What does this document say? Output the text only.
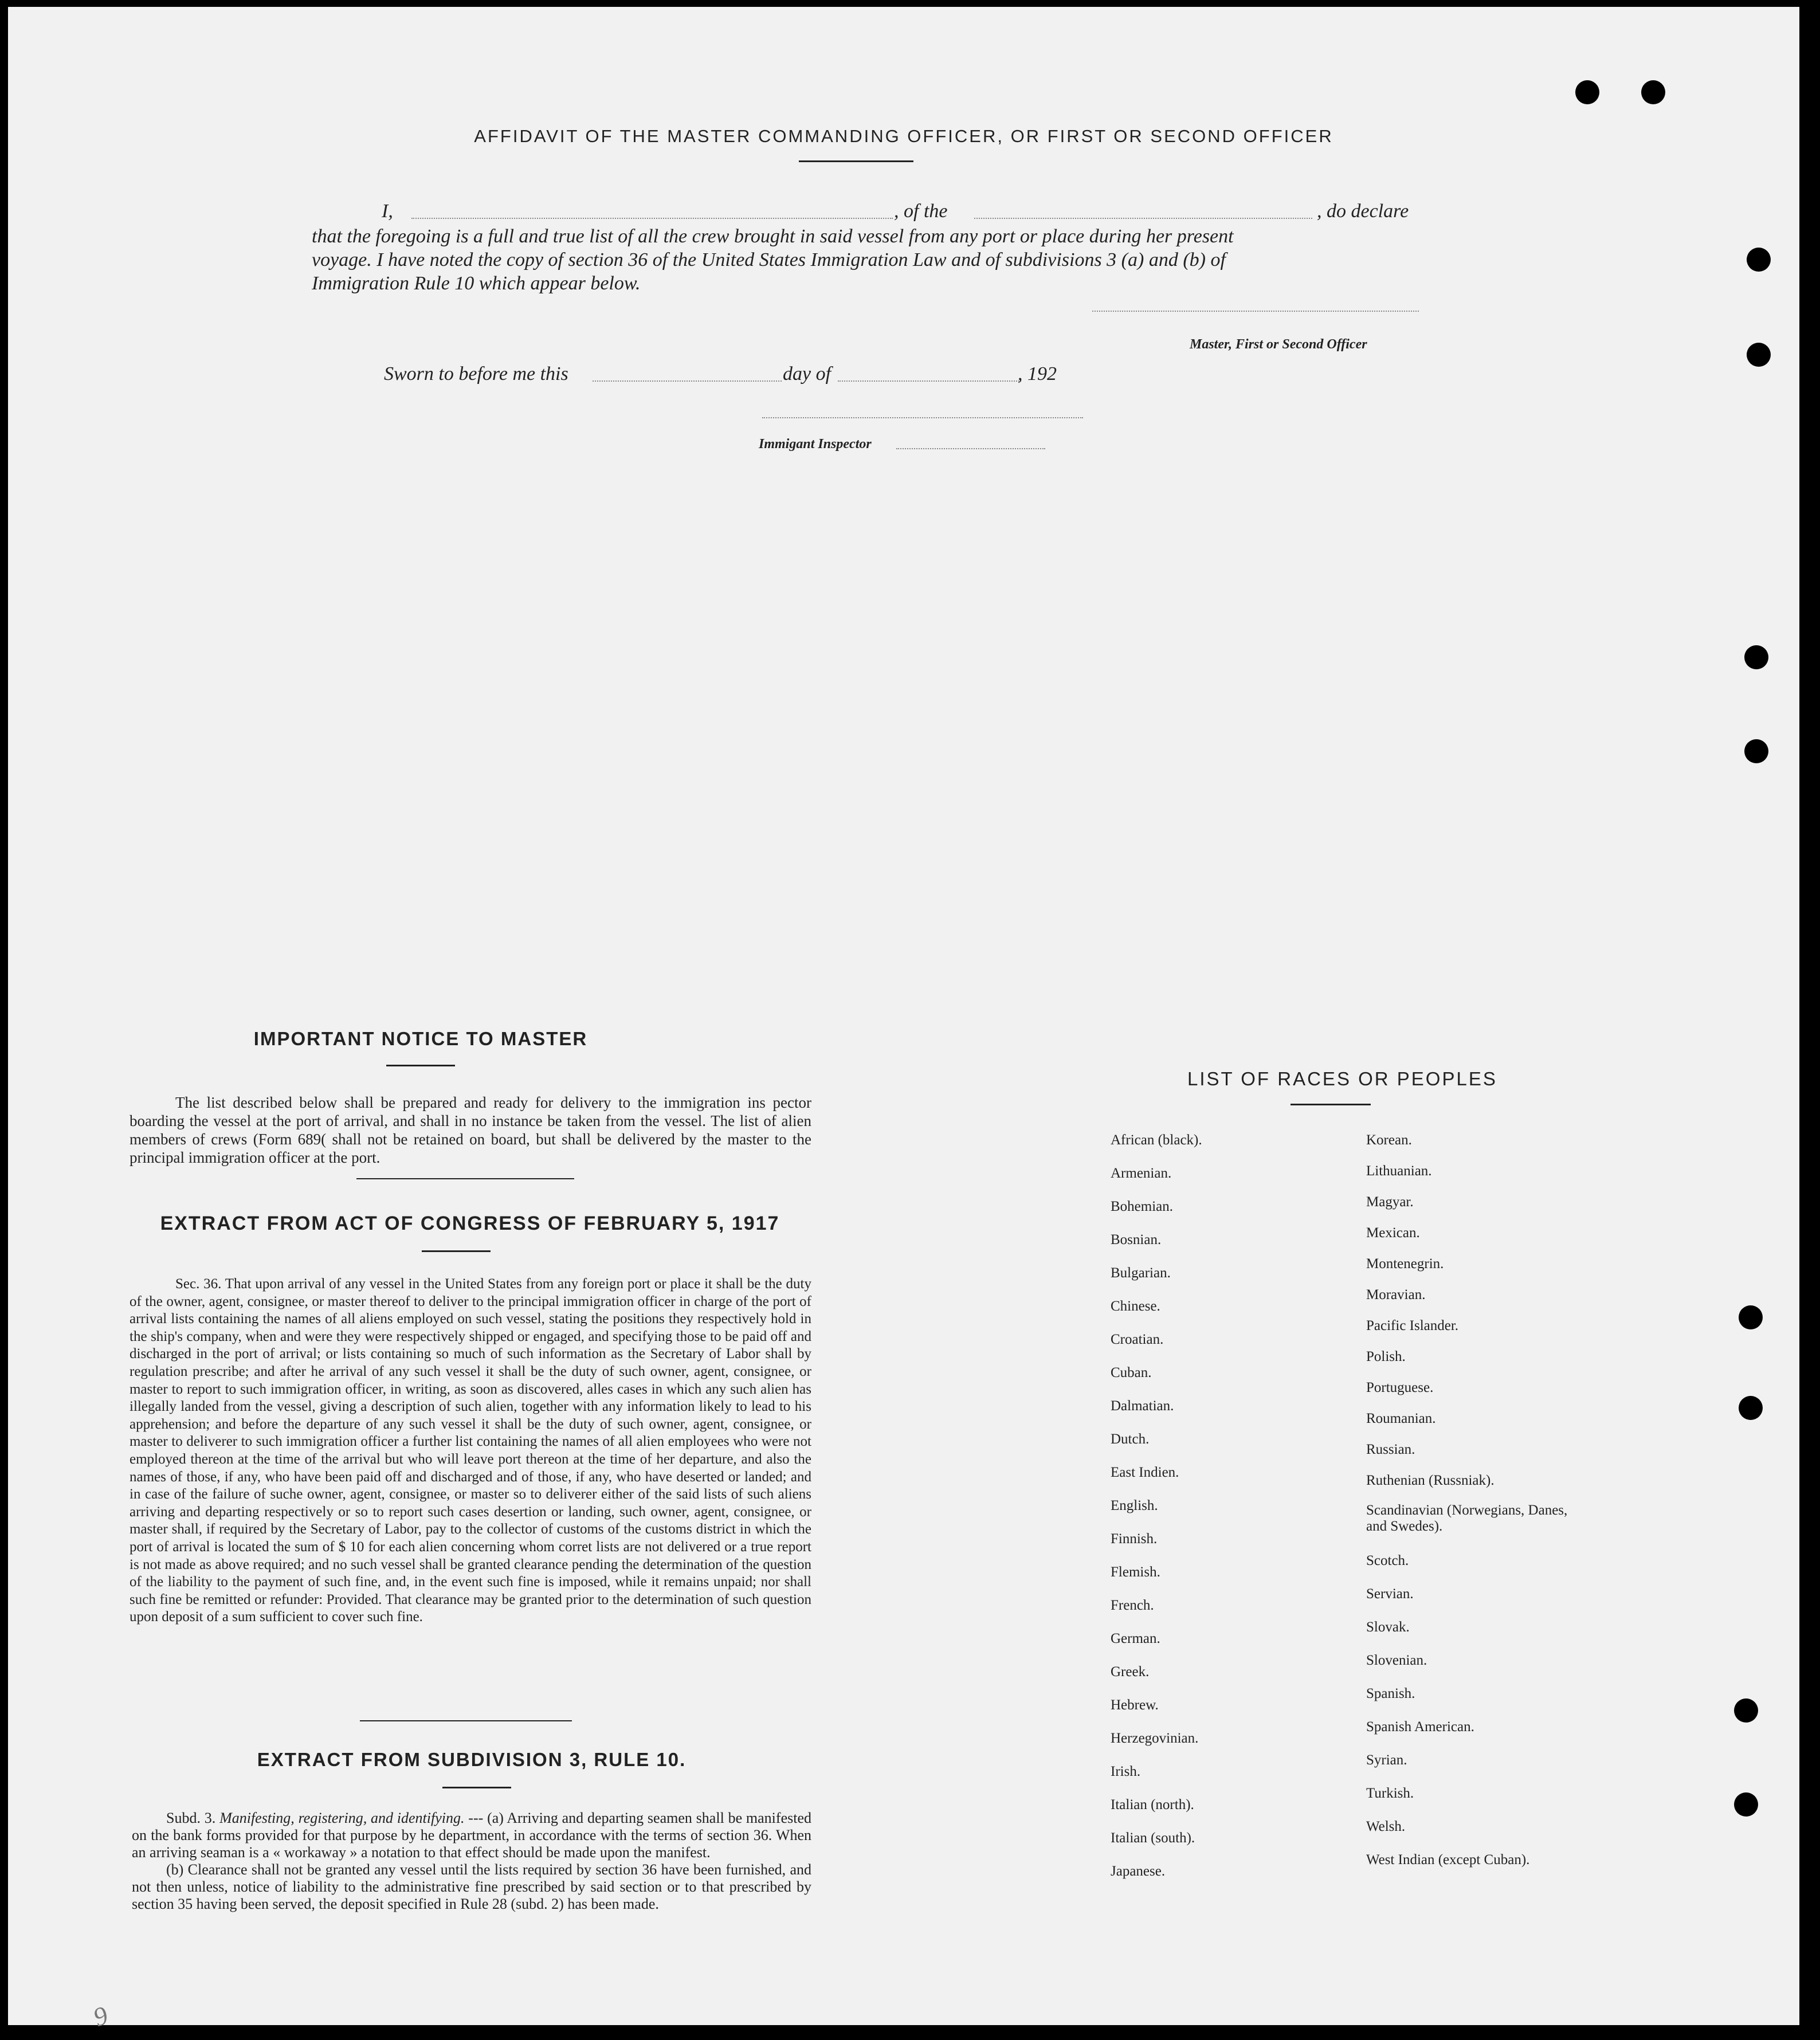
AFFIDAVIT OF THE MASTER COMMANDING OFFICER, OR FIRST OR SECOND OFFICER
I,	, of the	, do declare
that the foregoing is a full and true list of all the crew brought in said vessel from any port or place during her present
voyage. I have noted the copy of section 36 of the United States Immigration Law and of subdivisions 3 (a) and (b) of
Immigration Rule 10 which appear below.
Master, First or Second Officer
Sworn to before me this	day of	, 192
Immigant Inspector
IMPORTANT NOTICE TO MASTER
The list described below shall be prepared and ready for delivery to the immigration ins pector boarding the vessel at the port of arrival, and shall in no instance be taken from the vessel. The list of alien members of crews (Form 689( shall not be retained on board, but shall be delivered by the master to the principal immigration officer at the port.
EXTRACT FROM ACT OF CONGRESS OF FEBRUARY 5, 1917
Sec. 36. That upon arrival of any vessel in the United States from any foreign port or place it shall be the duty of the owner, agent, consignee, or master thereof to deliver to the principal immigration officer in charge of the port of arrival lists containing the names of all aliens employed on such vessel, stating the positions they respectively hold in the ship's company, when and were they were respectively shipped or engaged, and specifying those to be paid off and discharged in the port of arrival; or lists containing so much of such information as the Secretary of Labor shall by regulation prescribe; and after he arrival of any such vessel it shall be the duty of such owner, agent, consignee, or master to report to such immigration officer, in writing, as soon as discovered, alles cases in which any such alien has illegally landed from the vessel, giving a description of such alien, together with any information likely to lead to his apprehension; and before the departure of any such vessel it shall be the duty of such owner, agent, consignee, or master to deliverer to such immigration officer a further list containing the names of all alien employees who were not employed thereon at the time of the arrival but who will leave port thereon at the time of her departure, and also the names of those, if any, who have been paid off and discharged and of those, if any, who have deserted or landed; and in case of the failure of suche owner, agent, consignee, or master so to deliverer either of the said lists of such aliens arriving and departing respectively or so to report such cases desertion or landing, such owner, agent, consignee, or master shall, if required by the Secretary of Labor, pay to the collector of customs of the customs district in which the port of arrival is located the sum of $ 10 for each alien concerning whom corret lists are not delivered or a true report is not made as above required; and no such vessel shall be granted clearance pending the determination of the question of the liability to the payment of such fine, and, in the event such fine is imposed, while it remains unpaid; nor shall such fine be remitted or refunder: Provided. That clearance may be granted prior to the determination of such question upon deposit of a sum sufficient to cover such fine.
EXTRACT FROM SUBDIVISION 3, RULE 10.
Subd. 3. Manifesting, registering, and identifying. --- (a) Arriving and departing seamen shall be manifested on the bank forms provided for that purpose by he department, in accordance with the terms of section 36. When an arriving seaman is a « workaway » a notation to that effect should be made upon the manifest.
(b) Clearance shall not be granted any vessel until the lists required by section 36 have been furnished, and not then unless, notice of liability to the administrative fine prescribed by said section or to that prescribed by section 35 having been served, the deposit specified in Rule 28 (subd. 2) has been made.
LIST OF RACES OR PEOPLES
African (black).
Armenian.
Bohemian.
Bosnian.
Bulgarian.
Chinese.
Croatian.
Cuban.
Dalmatian.
Dutch.
East Indien.
English.
Finnish.
Flemish.
French.
German.
Greek.
Hebrew.
Herzegovinian.
Irish.
Italian (north).
Italian (south).
Japanese.
Korean.
Lithuanian.
Magyar.
Mexican.
Montenegrin.
Moravian.
Pacific Islander.
Polish.
Portuguese.
Roumanian.
Russian.
Ruthenian (Russniak).
Scandinavian (Norwegians, Danes, and Swedes).
Scotch.
Servian.
Slovak.
Slovenian.
Spanish.
Spanish American.
Syrian.
Turkish.
Welsh.
West Indian (except Cuban).
9
